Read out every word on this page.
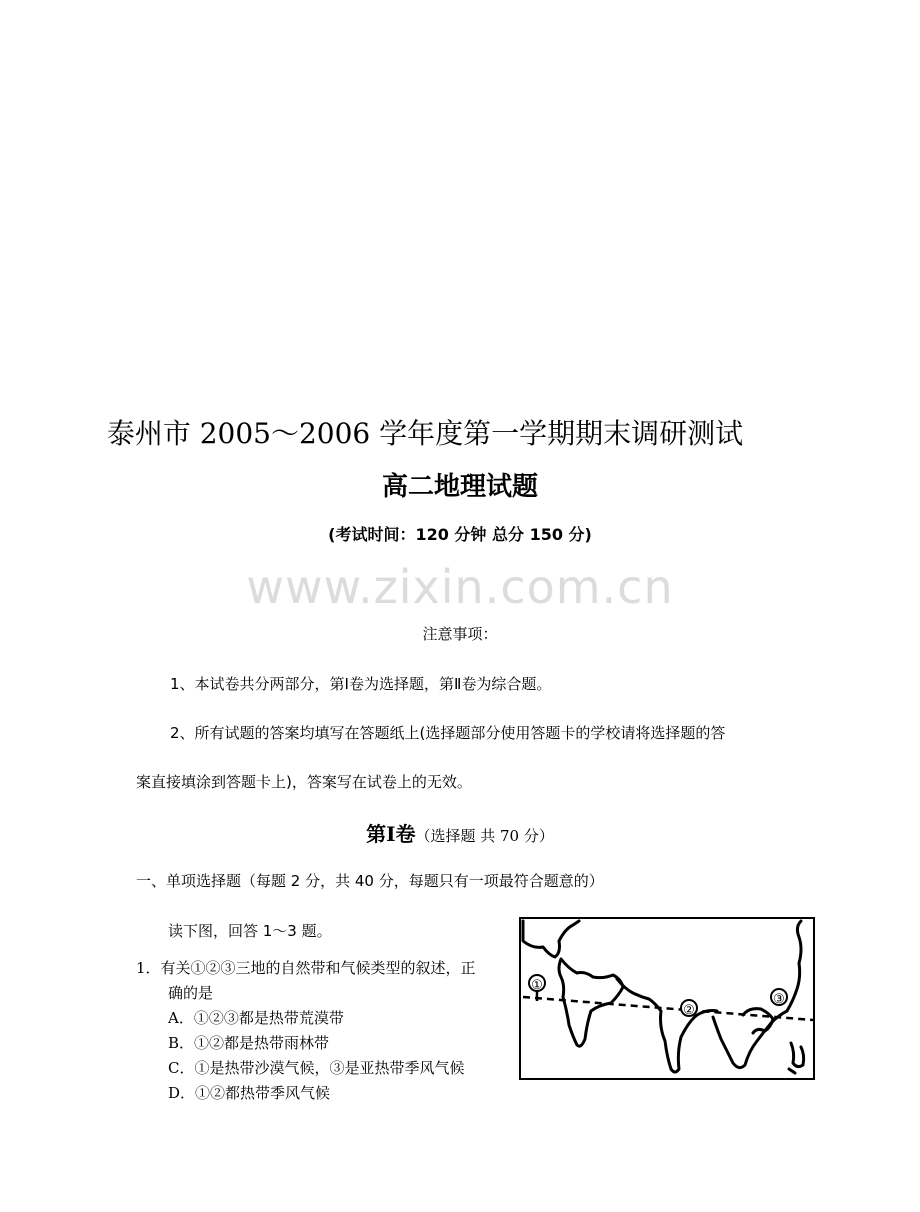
泰州市 2005～2006 学年度第一学期期末调研测试
高二地理试题
(考试时间：120 分钟 总分 150 分)
www.zixin.com.cn
注意事项：
1、本试卷共分两部分，第Ⅰ卷为选择题，第Ⅱ卷为综合题。
2、所有试题的答案均填写在答题纸上(选择题部分使用答题卡的学校请将选择题的答
案直接填涂到答题卡上)，答案写在试卷上的无效。
第Ⅰ卷（选择题 共 70 分）
一、单项选择题（每题 2 分，共 40 分，每题只有一项最符合题意的）
读下图，回答 1～3 题。
1．有关①②③三地的自然带和气候类型的叙述，正
确的是
A．①②③都是热带荒漠带
B．①②都是热带雨林带
C．①是热带沙漠气候，③是亚热带季风气候
D．①②都热带季风气候
①
②
③
